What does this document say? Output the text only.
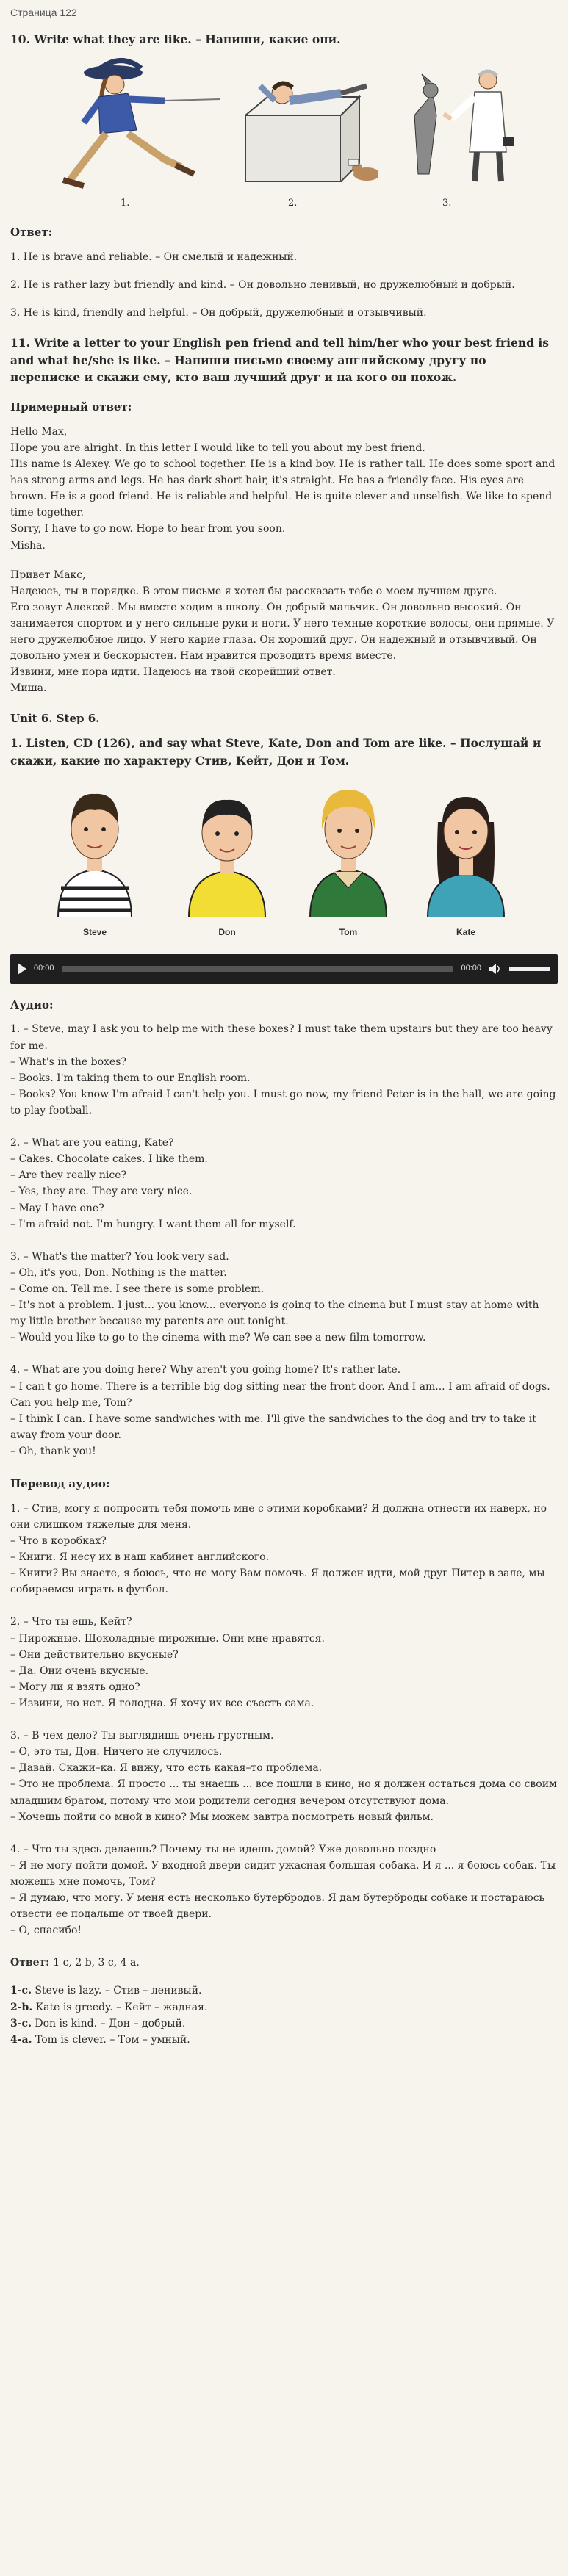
Страница 122
10. Write what they are like. – Напиши, какие они.
1.	2.	3.
Ответ:

1. He is brave and reliable. – Он смелый и надежный.

2. He is rather lazy but friendly and kind. – Он довольно ленивый, но дружелюбный и добрый.

3. He is kind, friendly and helpful. – Он добрый, дружелюбный и отзывчивый.

11. Write a letter to your English pen friend and tell him/her who your best friend is and what he/she is like. – Напиши письмо своему английскому другу по переписке и скажи ему, кто ваш лучший друг и на кого он похож.
Примерный ответ:

Hello Max,

Hope you are alright. In this letter I would like to tell you about my best friend.

His name is Alexey. We go to school together. He is a kind boy. He is rather tall. He does some sport and has strong arms and legs. He has dark short hair, it's straight. He has a friendly face. His eyes are brown. He is a good friend. He is reliable and helpful. He is quite clever and unselfish. We like to spend time together.

Sorry, I have to go now. Hope to hear from you soon.

Misha.

Привет Макс,

Надеюсь, ты в порядке. В этом письме я хотел бы рассказать тебе о моем лучшем друге.

Его зовут Алексей. Мы вместе ходим в школу. Он добрый мальчик. Он довольно высокий. Он занимается спортом и у него сильные руки и ноги. У него темные короткие волосы, они прямые. У него дружелюбное лицо. У него карие глаза. Он хороший друг. Он надежный и отзывчивый. Он довольно умен и бескорыстен. Нам нравится проводить время вместе.

Извини, мне пора идти. Надеюсь на твой скорейший ответ.

Миша.

Unit 6. Step 6.
1. Listen, CD (126), and say what Steve, Kate, Don and Tom are like. – Послушай и скажи, какие по характеру Стив, Кейт, Дон и Том.
Steve	Don	Tom	Kate
00:00	00:00
Аудио:
1. – Steve, may I ask you to help me with these boxes? I must take them upstairs but they are too heavy for me.
– What's in the boxes?
– Books. I'm taking them to our English room.
– Books? You know I'm afraid I can't help you. I must go now, my friend Peter is in the hall, we are going to play football.
2. – What are you eating, Kate?
– Cakes. Chocolate cakes. I like them.
– Are they really nice?
– Yes, they are. They are very nice.
– May I have one?
– I'm afraid not. I'm hungry. I want them all for myself.
3. – What's the matter? You look very sad.
– Oh, it's you, Don. Nothing is the matter.
– Come on. Tell me. I see there is some problem.
– It's not a problem. I just... you know... everyone is going to the cinema but I must stay at home with my little brother because my parents are out tonight.
– Would you like to go to the cinema with me? We can see a new film tomorrow.
4. – What are you doing here? Why aren't you going home? It's rather late.
– I can't go home. There is a terrible big dog sitting near the front door. And I am... I am afraid of dogs. Can you help me, Tom?
– I think I can. I have some sandwiches with me. I'll give the sandwiches to the dog and try to take it away from your door.
– Oh, thank you!
Перевод аудио:
1. – Стив, могу я попросить тебя помочь мне с этими коробками? Я должна отнести их наверх, но они слишком тяжелые для меня.
– Что в коробках?
– Книги. Я несу их в наш кабинет английского.
– Книги? Вы знаете, я боюсь, что не могу Вам помочь. Я должен идти, мой друг Питер в зале, мы собираемся играть в футбол.
2. – Что ты ешь, Кейт?
– Пирожные. Шоколадные пирожные. Они мне нравятся.
– Они действительно вкусные?
– Да. Они очень вкусные.
– Могу ли я взять одно?
– Извини, но нет. Я голодна. Я хочу их все съесть сама.
3. – В чем дело? Ты выглядишь очень грустным.
– О, это ты, Дон. Ничего не случилось.
– Давай. Скажи–ка. Я вижу, что есть какая–то проблема.
– Это не проблема. Я просто ... ты знаешь ... все пошли в кино, но я должен остаться дома со своим младшим братом, потому что мои родители сегодня вечером отсутствуют дома.
– Хочешь пойти со мной в кино? Мы можем завтра посмотреть новый фильм.
4. – Что ты здесь делаешь? Почему ты не идешь домой? Уже довольно поздно
– Я не могу пойти домой. У входной двери сидит ужасная большая собака. И я ... я боюсь собак. Ты можешь мне помочь, Том?
– Я думаю, что могу. У меня есть несколько бутербродов. Я дам бутерброды собаке и постараюсь отвести ее подальше от твоей двери.
– О, спасибо!

Ответ: 1 c, 2 b, 3 c, 4 a.

1-c. Steve is lazy. – Стив – ленивый.
2-b. Kate is greedy. – Кейт – жадная.
3-c. Don is kind. – Дон – добрый.
4-a. Tom is clever. – Том – умный.
